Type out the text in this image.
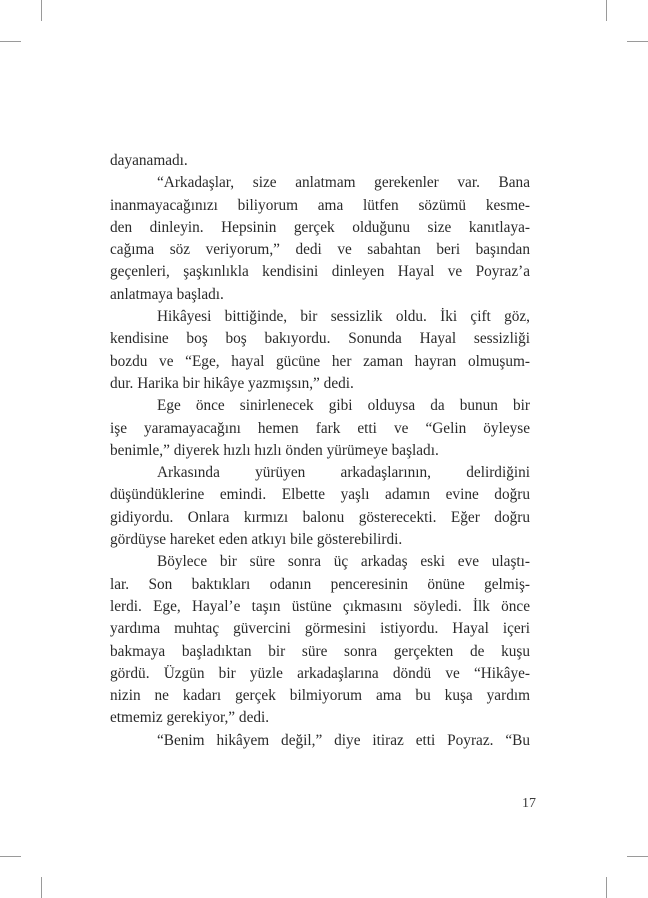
dayanamadı.
“Arkadaşlar, size anlatmam gerekenler var. Bana
inanmayacağınızı biliyorum ama lütfen sözümü kesme-
den dinleyin. Hepsinin gerçek olduğunu size kanıtlaya-
cağıma söz veriyorum,” dedi ve sabahtan beri başından
geçenleri, şaşkınlıkla kendisini dinleyen Hayal ve Poyraz’a
anlatmaya başladı.
Hikâyesi bittiğinde, bir sessizlik oldu. İki çift göz,
kendisine boş boş bakıyordu. Sonunda Hayal sessizliği
bozdu ve “Ege, hayal gücüne her zaman hayran olmuşum-
dur. Harika bir hikâye yazmışsın,” dedi.
Ege önce sinirlenecek gibi olduysa da bunun bir
işe yaramayacağını hemen fark etti ve “Gelin öyleyse
benimle,” diyerek hızlı hızlı önden yürümeye başladı.
Arkasında yürüyen arkadaşlarının, delirdiğini
düşündüklerine emindi. Elbette yaşlı adamın evine doğru
gidiyordu. Onlara kırmızı balonu gösterecekti. Eğer doğru
gördüyse hareket eden atkıyı bile gösterebilirdi.
Böylece bir süre sonra üç arkadaş eski eve ulaştı-
lar. Son baktıkları odanın penceresinin önüne gelmiş-
lerdi. Ege, Hayal’e taşın üstüne çıkmasını söyledi. İlk önce
yardıma muhtaç güvercini görmesini istiyordu. Hayal içeri
bakmaya başladıktan bir süre sonra gerçekten de kuşu
gördü. Üzgün bir yüzle arkadaşlarına döndü ve “Hikâye-
nizin ne kadarı gerçek bilmiyorum ama bu kuşa yardım
etmemiz gerekiyor,” dedi.
“Benim hikâyem değil,” diye itiraz etti Poyraz. “Bu
17
